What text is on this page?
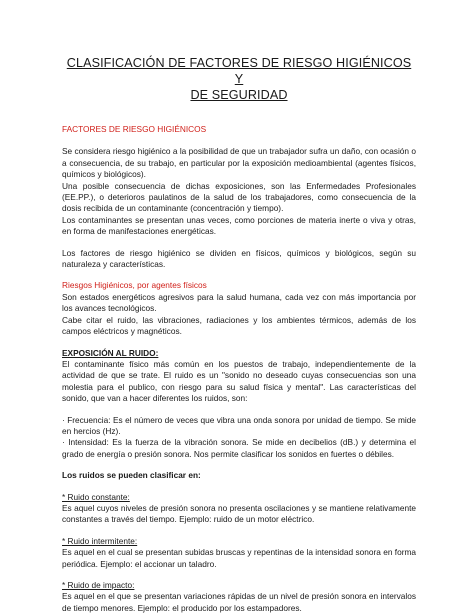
CLASIFICACIÓN DE FACTORES DE RIESGO HIGIÉNICOS Y
DE SEGURIDAD

FACTORES DE RIESGO HIGIÉNICOS

Se considera riesgo higiénico a la posibilidad de que un trabajador sufra un daño, con ocasión o a consecuencia, de su trabajo, en particular por la exposición medioambiental (agentes físicos, químicos y biológicos).

Una posible consecuencia de dichas exposiciones, son las Enfermedades Profesionales (EE.PP.), o deterioros paulatinos de la salud de los trabajadores, como consecuencia de la dosis recibida de un contaminante (concentración y tiempo).

Los contaminantes se presentan unas veces, como porciones de materia inerte o viva y otras, en forma de manifestaciones energéticas.

Los factores de riesgo higiénico se dividen en físicos, químicos y biológicos, según su naturaleza y características.

Riesgos Higiénicos, por agentes físicos

Son estados energéticos agresivos para la salud humana, cada vez con más importancia por los avances tecnológicos.

Cabe citar el ruido, las vibraciones, radiaciones y los ambientes térmicos, además de los campos eléctricos y magnéticos.

EXPOSICIÓN AL RUIDO:

El contaminante físico más común en los puestos de trabajo, independientemente de la actividad de que se trate. El ruido es un "sonido no deseado cuyas consecuencias son una molestia para el publico, con riesgo para su salud física y mental". Las características del sonido, que van a hacer diferentes los ruidos, son:

· Frecuencia: Es el número de veces que vibra una onda sonora por unidad de tiempo. Se mide en hercios (Hz).

· Intensidad: Es la fuerza de la vibración sonora. Se mide en decibelios (dB.) y determina el grado de energía o presión sonora. Nos permite clasificar los sonidos en fuertes o débiles.

Los ruidos se pueden clasificar en:

* Ruido constante:

Es aquel cuyos niveles de presión sonora no presenta oscilaciones y se mantiene relativamente constantes a través del tiempo. Ejemplo: ruido de un motor eléctrico.

* Ruido intermitente:

Es aquel en el cual se presentan subidas bruscas y repentinas de la intensidad sonora en forma periódica. Ejemplo: el accionar un taladro.

* Ruido de impacto:

Es aquel en el que se presentan variaciones rápidas de un nivel de presión sonora en intervalos de tiempo menores. Ejemplo: el producido por los estampadores.
